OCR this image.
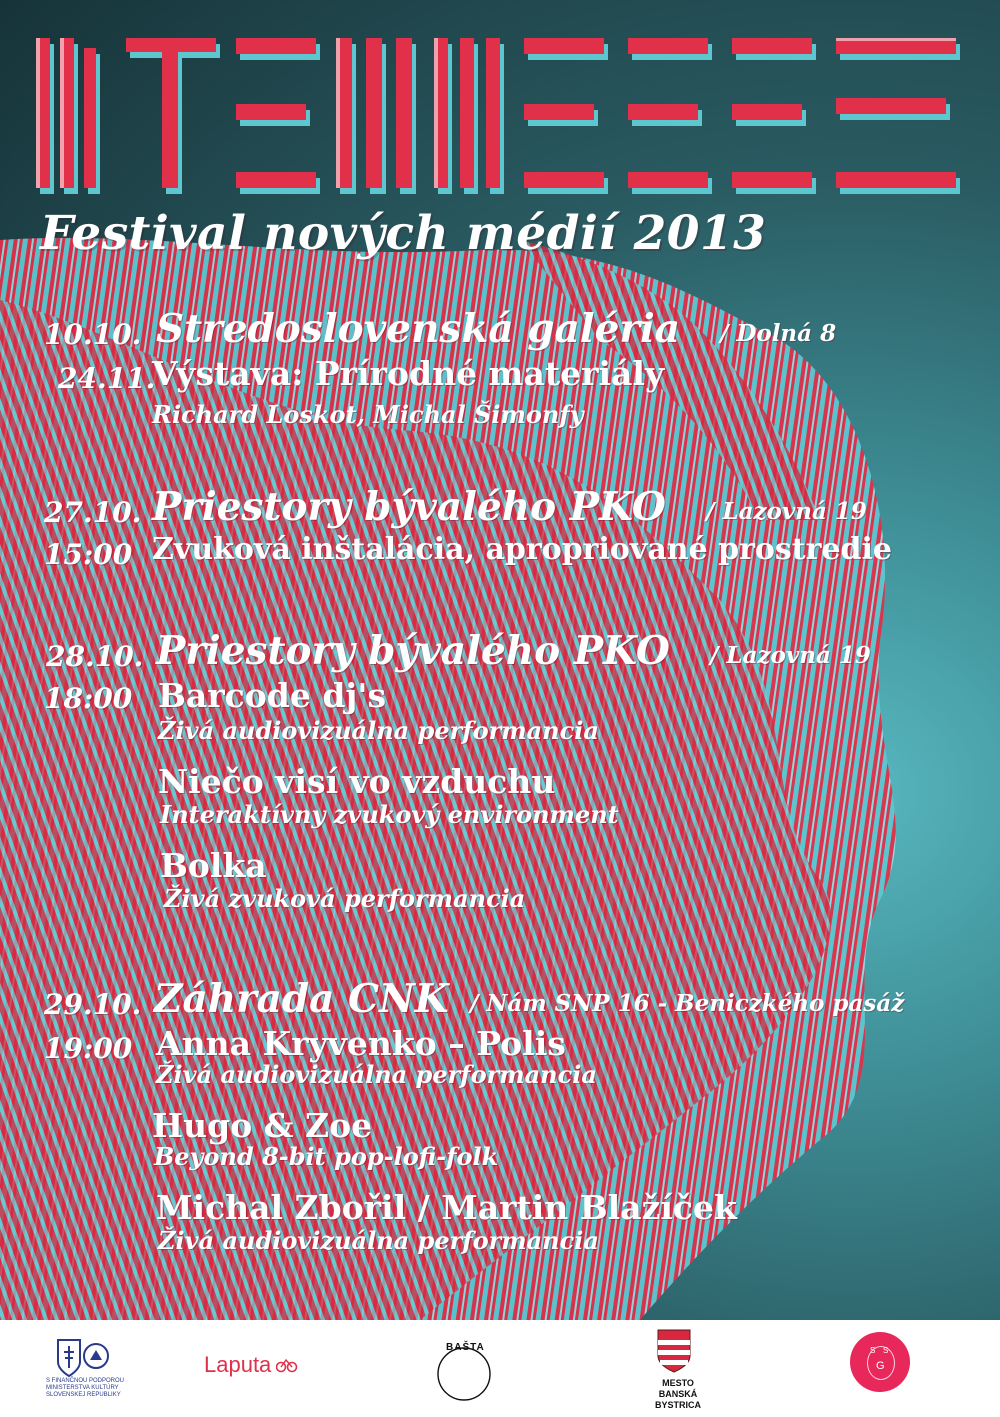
Festival nových médií 2013
10.10. Stredoslovenská galéria / Dolná 8
24.11.
Výstava: Prírodné materiály
Richard Loskot, Michal Šimonfy
27.10. Priestory bývalého PKO / Lazovná 19
15:00 Zvuková inštalácia, apropriované prostredie
28.10. Priestory bývalého PKO / Lazovná 19
18:00 Barcode dj's
Živá audiovizuálna performancia
Niečo visí vo vzduchu
Interaktívny zvukový environment
Bolka
Živá zvuková performancia
29.10. Záhrada CNK / Nám SNP 16 - Beniczkého pasáž
19:00 Anna Kryvenko – Polis
Živá audiovizuálna performancia
Hugo & Zoe
Beyond 8-bit pop-lofi-folk
Michal Zbořil / Martin Blažíček
Živá audiovizuálna performancia
S FINANČNOU PODPOROU
MINISTERSTVA KULTÚRY
SLOVENSKEJ REPUBLIKY
Laputa
BAŠTA
MESTO
BANSKÁ BYSTRICA
S S
G
